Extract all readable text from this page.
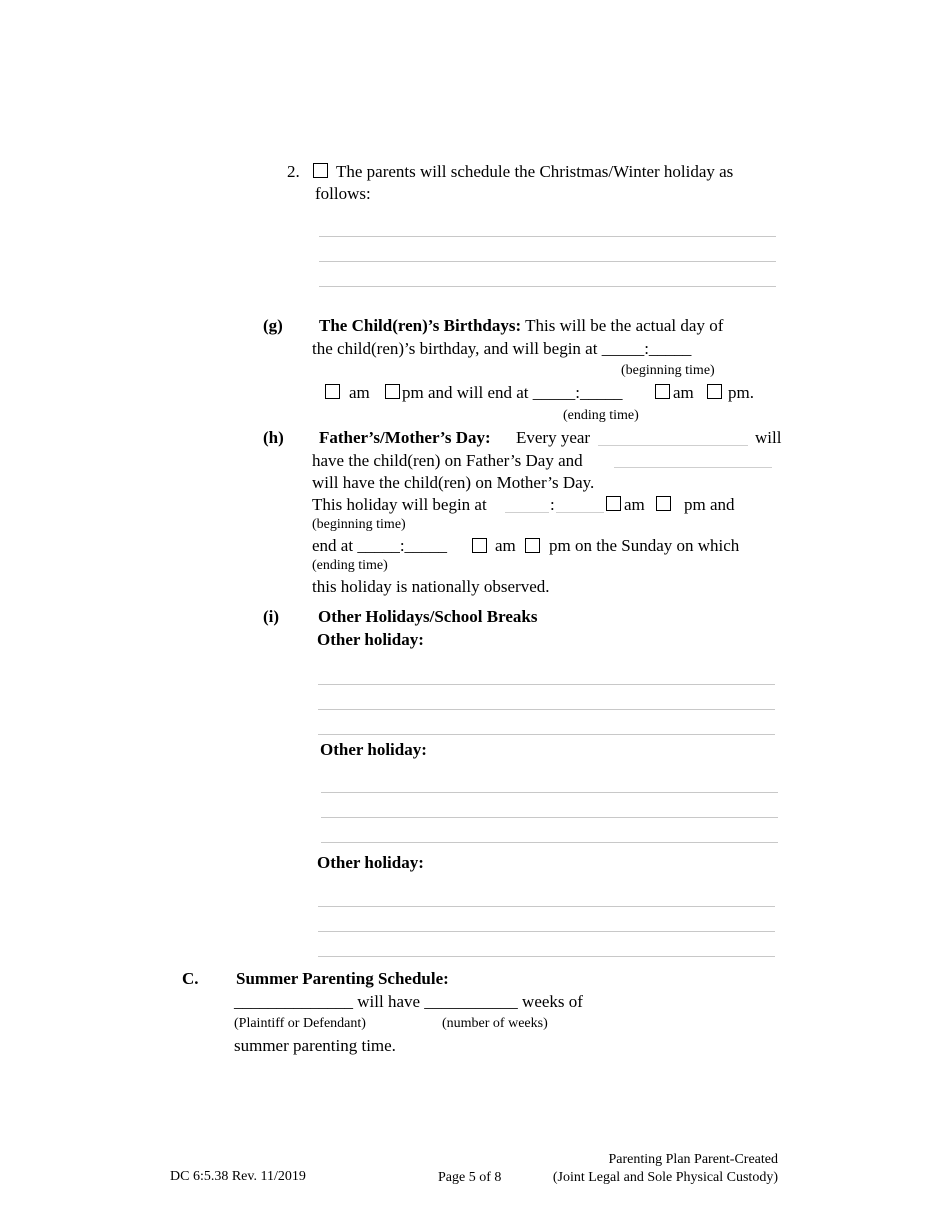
2. The parents will schedule the Christmas/Winter holiday as
follows:
(g) The Child(ren)’s Birthdays: This will be the actual day of
the child(ren)’s birthday, and will begin at _____:_____
(beginning time)
am pm and will end at _____:_____	am pm.
(ending time)
(h) Father’s/Mother’s Day: Every year	will
have the child(ren) on Father’s Day and
will have the child(ren) on Mother’s Day.
This holiday will begin at	:	am pm and
(beginning time)
end at _____:_____	am pm on the Sunday on which
(ending time)
this holiday is nationally observed.
(i) Other Holidays/School Breaks
Other holiday:
Other holiday:
Other holiday:
C. Summer Parenting Schedule:
______________ will have ___________ weeks of
(Plaintiff or Defendant)	(number of weeks)
summer parenting time.
DC 6:5.38 Rev. 11/2019	Page 5 of 8
Parenting Plan Parent-Created
(Joint Legal and Sole Physical Custody)
